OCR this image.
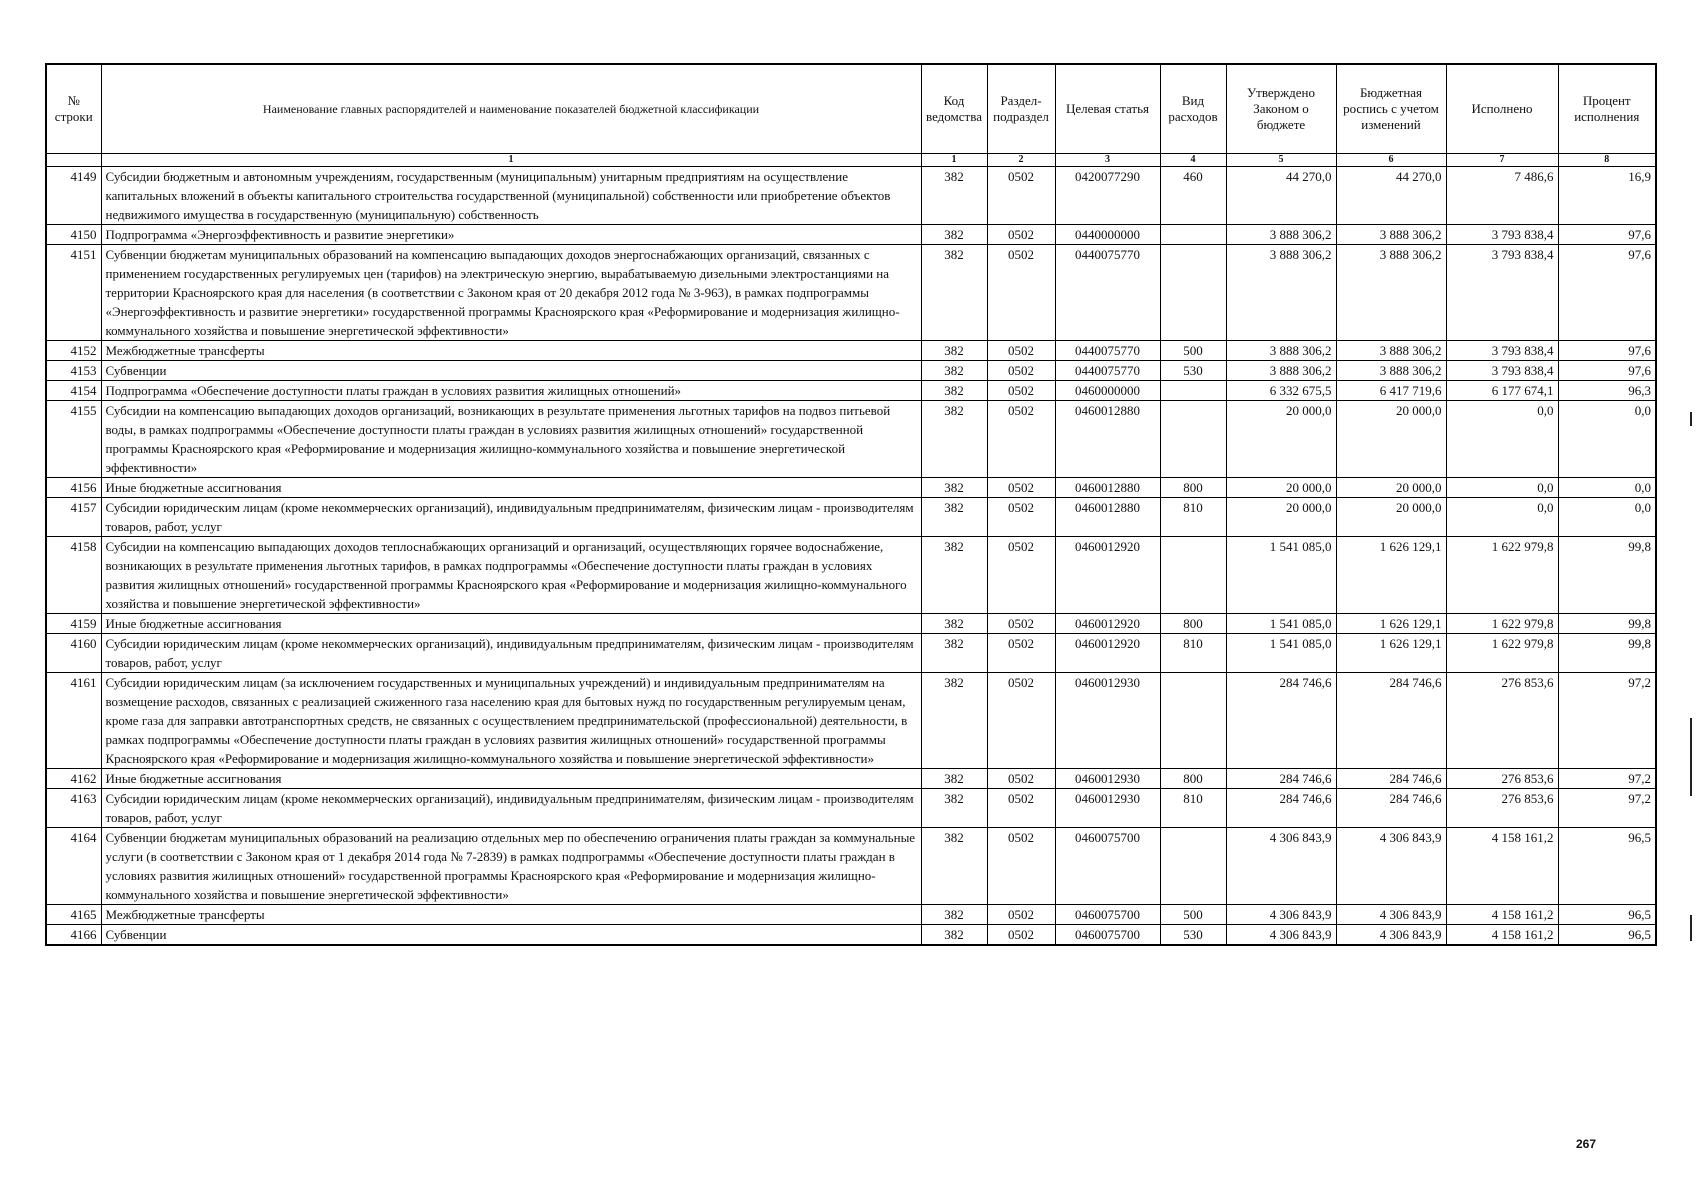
№ строки	Наименование главных распорядителей и наименование показателей бюджетной классификации	Код ведомства	Раздел-подраздел	Целевая статья	Вид расходов	Утверждено Законом о бюджете	Бюджетная роспись с учетом изменений	Исполнено	Процент исполнения
	1	1	2	3	4	5	6	7	8
4149	Субсидии бюджетным и автономным учреждениям, государственным (муниципальным) унитарным предприятиям на осуществление капитальных вложений в объекты капитального строительства государственной (муниципальной) собственности или приобретение объектов недвижимого имущества в государственную (муниципальную) собственность	382	0502	0420077290	460	44 270,0	44 270,0	7 486,6	16,9
4150	Подпрограмма «Энергоэффективность и развитие энергетики»	382	0502	0440000000		3 888 306,2	3 888 306,2	3 793 838,4	97,6
4151	Субвенции бюджетам муниципальных образований на компенсацию выпадающих доходов энергоснабжающих организаций, связанных с применением государственных регулируемых цен (тарифов) на электрическую энергию, вырабатываемую дизельными электростанциями на территории Красноярского края для населения (в соответствии с Законом края от 20 декабря 2012 года № 3-963), в рамках подпрограммы «Энергоэффективность и развитие энергетики» государственной программы Красноярского края «Реформирование и модернизация жилищно-коммунального хозяйства и повышение энергетической эффективности»	382	0502	0440075770		3 888 306,2	3 888 306,2	3 793 838,4	97,6
4152	Межбюджетные трансферты	382	0502	0440075770	500	3 888 306,2	3 888 306,2	3 793 838,4	97,6
4153	Субвенции	382	0502	0440075770	530	3 888 306,2	3 888 306,2	3 793 838,4	97,6
4154	Подпрограмма «Обеспечение доступности платы граждан в условиях развития жилищных отношений»	382	0502	0460000000		6 332 675,5	6 417 719,6	6 177 674,1	96,3
4155	Субсидии на компенсацию выпадающих доходов организаций, возникающих в результате применения льготных тарифов на подвоз питьевой воды, в рамках подпрограммы «Обеспечение доступности платы граждан в условиях развития жилищных отношений» государственной программы Красноярского края «Реформирование и модернизация жилищно-коммунального хозяйства и повышение энергетической эффективности»	382	0502	0460012880		20 000,0	20 000,0	0,0	0,0
4156	Иные бюджетные ассигнования	382	0502	0460012880	800	20 000,0	20 000,0	0,0	0,0
4157	Субсидии юридическим лицам (кроме некоммерческих организаций), индивидуальным предпринимателям, физическим лицам - производителям товаров, работ, услуг	382	0502	0460012880	810	20 000,0	20 000,0	0,0	0,0
4158	Субсидии на компенсацию выпадающих доходов теплоснабжающих организаций и организаций, осуществляющих горячее водоснабжение, возникающих в результате применения льготных тарифов, в рамках подпрограммы «Обеспечение доступности платы граждан в условиях развития жилищных отношений» государственной программы Красноярского края «Реформирование и модернизация жилищно-коммунального хозяйства и повышение энергетической эффективности»	382	0502	0460012920		1 541 085,0	1 626 129,1	1 622 979,8	99,8
4159	Иные бюджетные ассигнования	382	0502	0460012920	800	1 541 085,0	1 626 129,1	1 622 979,8	99,8
4160	Субсидии юридическим лицам (кроме некоммерческих организаций), индивидуальным предпринимателям, физическим лицам - производителям товаров, работ, услуг	382	0502	0460012920	810	1 541 085,0	1 626 129,1	1 622 979,8	99,8
4161	Субсидии юридическим лицам (за исключением государственных и муниципальных учреждений) и индивидуальным предпринимателям на возмещение расходов, связанных с реализацией сжиженного газа населению края для бытовых нужд по государственным регулируемым ценам, кроме газа для заправки автотранспортных средств, не связанных с осуществлением предпринимательской (профессиональной) деятельности, в рамках подпрограммы «Обеспечение доступности платы граждан в условиях развития жилищных отношений» государственной программы Красноярского края «Реформирование и модернизация жилищно-коммунального хозяйства и повышение энергетической эффективности»	382	0502	0460012930		284 746,6	284 746,6	276 853,6	97,2
4162	Иные бюджетные ассигнования	382	0502	0460012930	800	284 746,6	284 746,6	276 853,6	97,2
4163	Субсидии юридическим лицам (кроме некоммерческих организаций), индивидуальным предпринимателям, физическим лицам - производителям товаров, работ, услуг	382	0502	0460012930	810	284 746,6	284 746,6	276 853,6	97,2
4164	Субвенции бюджетам муниципальных образований на реализацию отдельных мер по обеспечению ограничения платы граждан за коммунальные услуги (в соответствии с Законом края от 1 декабря 2014 года № 7-2839) в рамках подпрограммы «Обеспечение доступности платы граждан в условиях развития жилищных отношений» государственной программы Красноярского края «Реформирование и модернизация жилищно-коммунального хозяйства и повышение энергетической эффективности»	382	0502	0460075700		4 306 843,9	4 306 843,9	4 158 161,2	96,5
4165	Межбюджетные трансферты	382	0502	0460075700	500	4 306 843,9	4 306 843,9	4 158 161,2	96,5
4166	Субвенции	382	0502	0460075700	530	4 306 843,9	4 306 843,9	4 158 161,2	96,5
267
